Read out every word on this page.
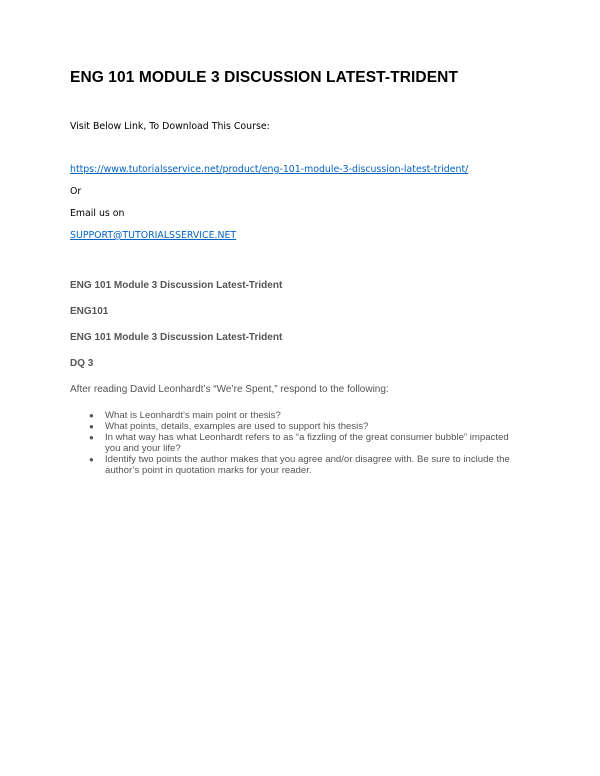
ENG 101 MODULE 3 DISCUSSION LATEST-TRIDENT
Visit Below Link, To Download This Course:
https://www.tutorialsservice.net/product/eng-101-module-3-discussion-latest-trident/
Or
Email us on
SUPPORT@TUTORIALSSERVICE.NET
ENG 101 Module 3 Discussion Latest-Trident
ENG101
ENG 101 Module 3 Discussion Latest-Trident
DQ 3
After reading David Leonhardt’s “We’re Spent,” respond to the following:
● What is Leonhardt’s main point or thesis?
● What points, details, examples are used to support his thesis?
● In what way has what Leonhardt refers to as “a fizzling of the great consumer bubble” impacted
you and your life?
● Identify two points the author makes that you agree and/or disagree with. Be sure to include the
author’s point in quotation marks for your reader.
